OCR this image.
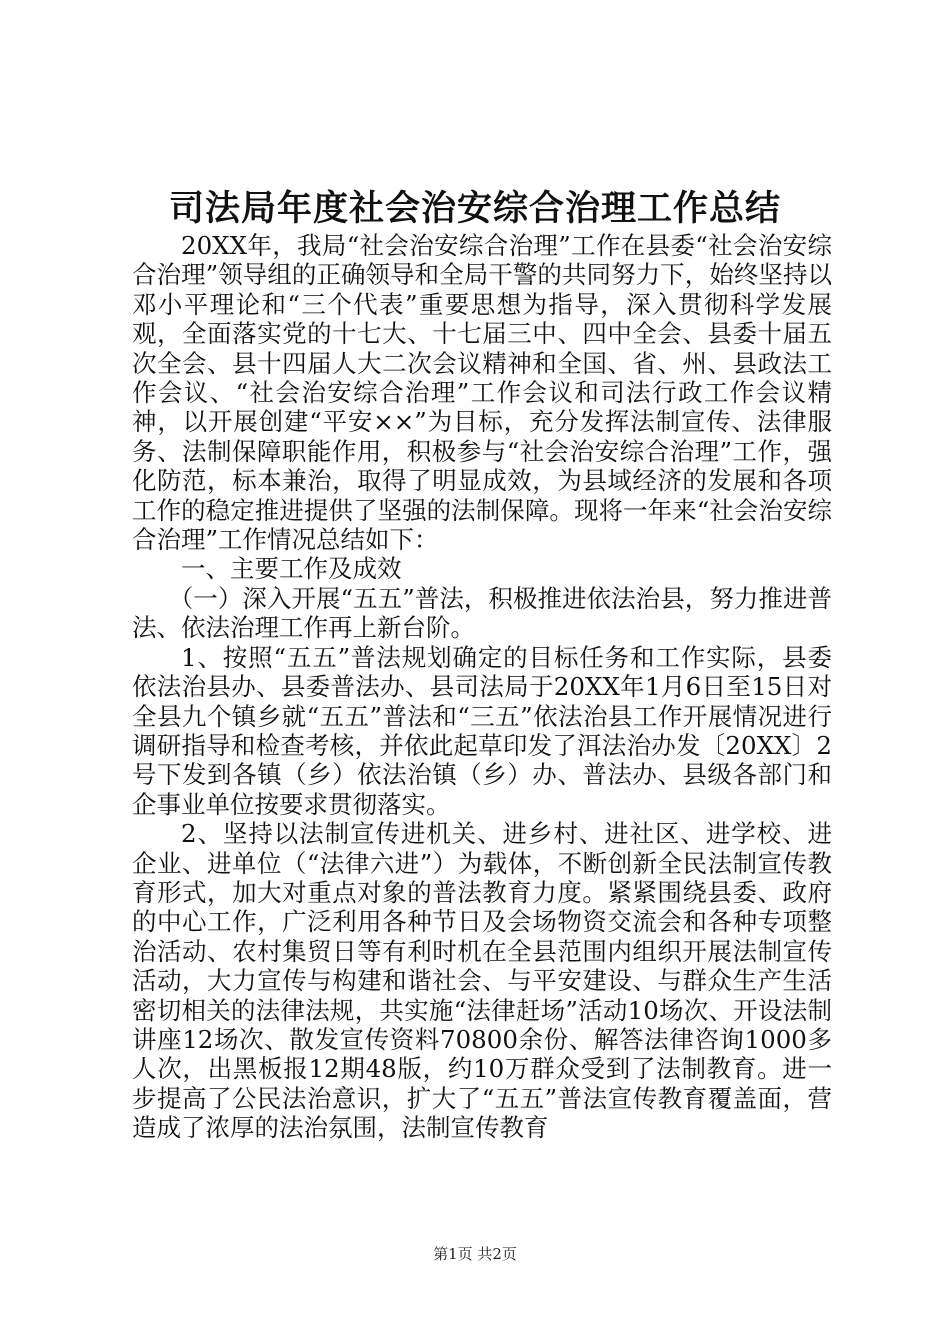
司法局年度社会治安综合治理工作总结

20XX年，我局“社会治安综合治理”工作在县委“社会治安综合治理”领导组的正确领导和全局干警的共同努力下，始终坚持以邓小平理论和“三个代表”重要思想为指导，深入贯彻科学发展观，全面落实党的十七大、十七届三中、四中全会、县委十届五次全会、县十四届人大二次会议精神和全国、省、州、县政法工作会议、“社会治安综合治理”工作会议和司法行政工作会议精神，以开展创建“平安××”为目标，充分发挥法制宣传、法律服务、法制保障职能作用，积极参与“社会治安综合治理”工作，强化防范，标本兼治，取得了明显成效，为县域经济的发展和各项工作的稳定推进提供了坚强的法制保障。现将一年来“社会治安综合治理”工作情况总结如下：

一、主要工作及成效

（一）深入开展“五五”普法，积极推进依法治县，努力推进普法、依法治理工作再上新台阶。

1、按照“五五”普法规划确定的目标任务和工作实际，县委依法治县办、县委普法办、县司法局于20XX年1月6日至15日对全县九个镇乡就“五五”普法和“三五”依法治县工作开展情况进行调研指导和检查考核，并依此起草印发了洱法治办发〔20XX〕2号下发到各镇（乡）依法治镇（乡）办、普法办、县级各部门和企事业单位按要求贯彻落实。

2、坚持以法制宣传进机关、进乡村、进社区、进学校、进企业、进单位（“法律六进”）为载体，不断创新全民法制宣传教育形式，加大对重点对象的普法教育力度。紧紧围绕县委、政府的中心工作，广泛利用各种节日及会场物资交流会和各种专项整治活动、农村集贸日等有利时机在全县范围内组织开展法制宣传活动，大力宣传与构建和谐社会、与平安建设、与群众生产生活密切相关的法律法规，共实施“法律赶场”活动10场次、开设法制讲座12场次、散发宣传资料70800余份、解答法律咨询1000多人次，出黑板报12期48版，约10万群众受到了法制教育。进一步提高了公民法治意识，扩大了“五五”普法宣传教育覆盖面，营造成了浓厚的法治氛围，法制宣传教育

第1页 共2页
